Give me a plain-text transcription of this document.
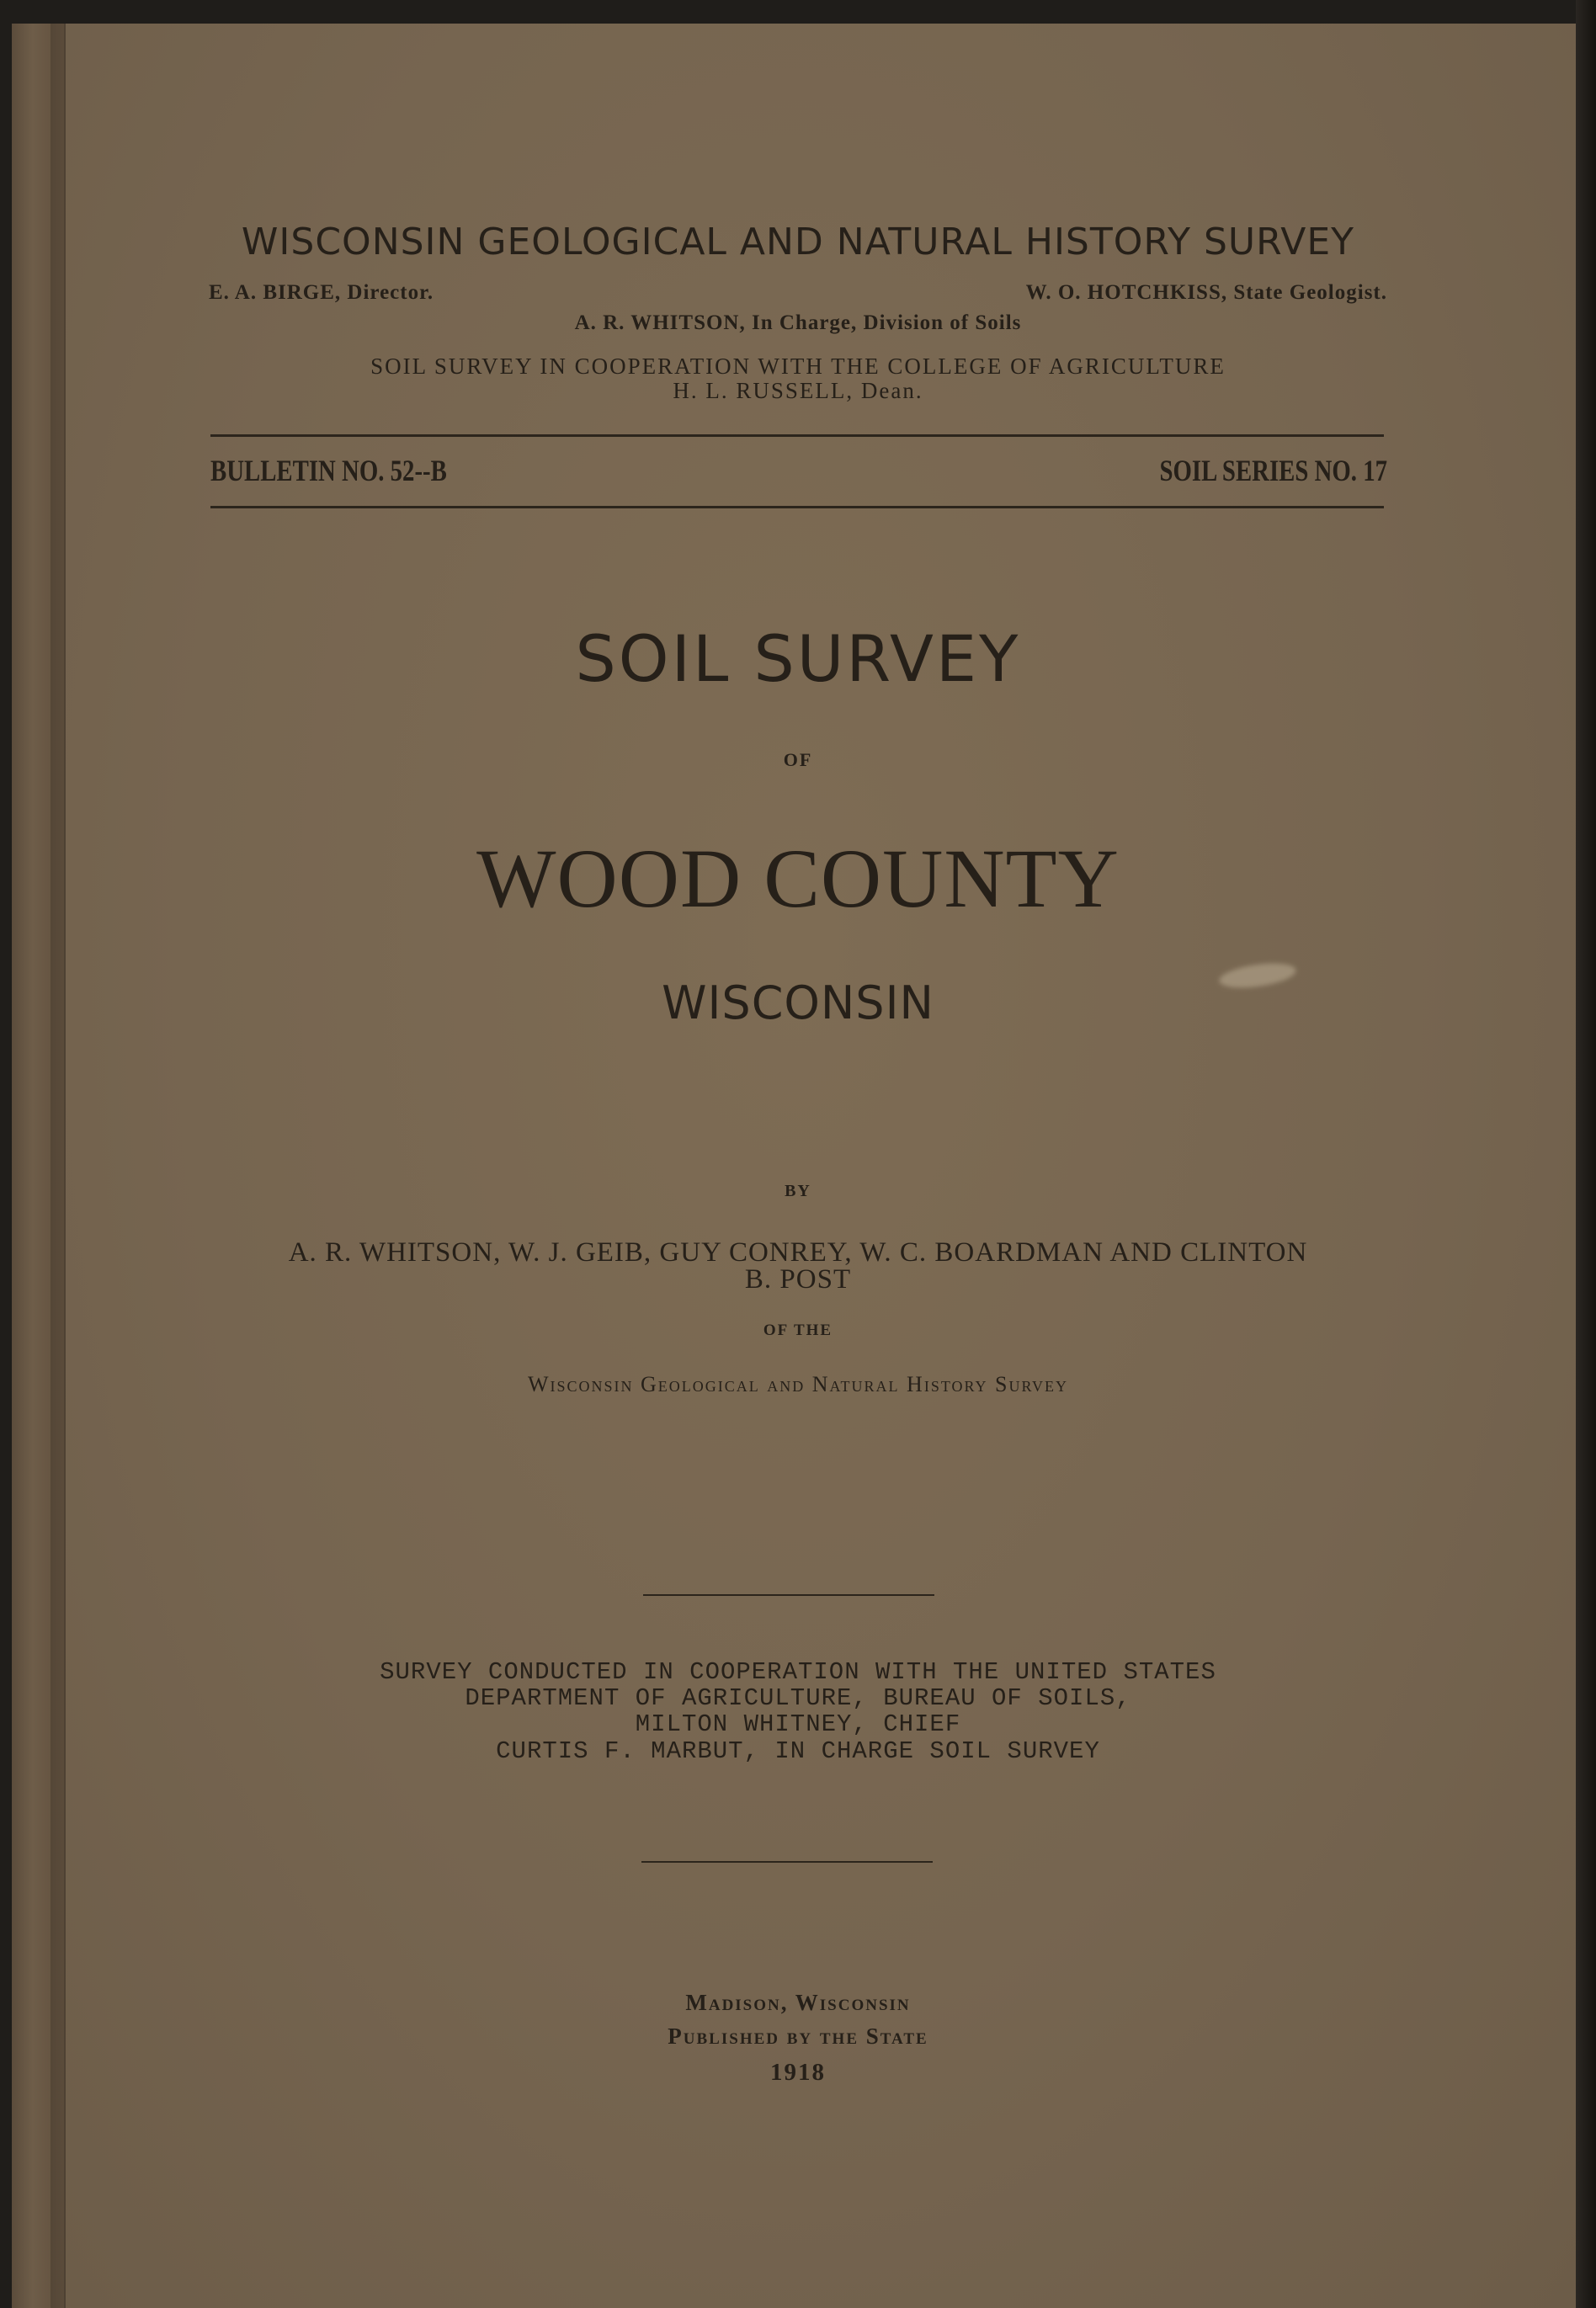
WISCONSIN GEOLOGICAL AND NATURAL HISTORY SURVEY
E. A. BIRGE, Director.	W. O. HOTCHKISS, State Geologist.
A. R. WHITSON, In Charge, Division of Soils
SOIL SURVEY IN COOPERATION WITH THE COLLEGE OF AGRICULTURE
H. L. RUSSELL, Dean.
BULLETIN NO. 52--B	SOIL SERIES NO. 17
SOIL SURVEY
OF
WOOD COUNTY
WISCONSIN
BY
A. R. WHITSON, W. J. GEIB, GUY CONREY, W. C. BOARDMAN AND CLINTON
B. POST
OF THE
Wisconsin Geological and Natural History Survey
SURVEY CONDUCTED IN COOPERATION WITH THE UNITED STATES
DEPARTMENT OF AGRICULTURE, BUREAU OF SOILS,
MILTON WHITNEY, CHIEF
CURTIS F. MARBUT, IN CHARGE SOIL SURVEY
Madison, Wisconsin
Published by the State
1918
